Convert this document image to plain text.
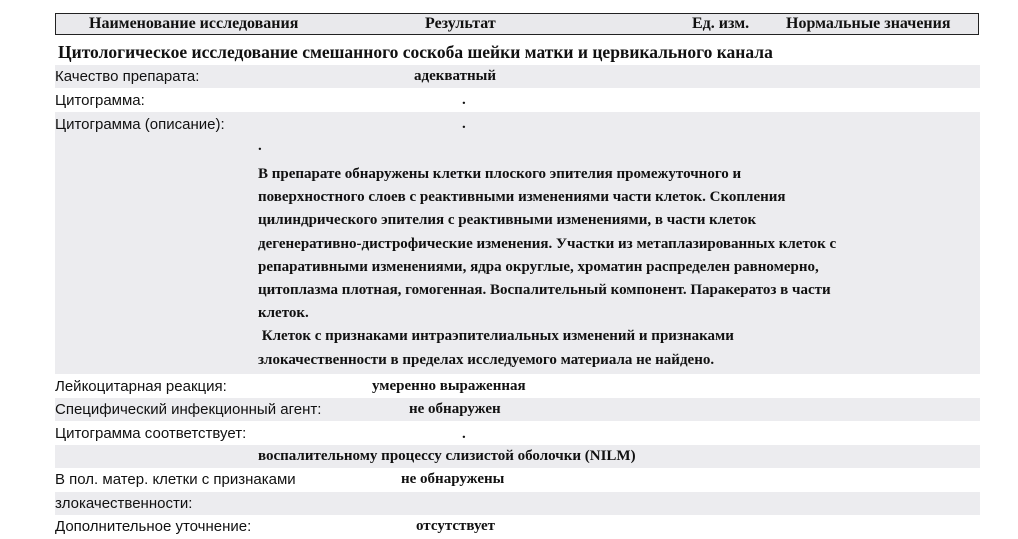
Наименование исследования	Результат	Ед. изм. Нормальные значения
Цитологическое исследование смешанного соскоба шейки матки и цервикального канала
Качество препарата:	адекватный
Цитограмма:	.
Цитограмма (описание):	.
.

В препарате обнаружены клетки плоского эпителия промежуточного и
поверхностного слоев с реактивными изменениями части клеток. Скопления
цилиндрического эпителия с реактивными изменениями, в части клеток
дегенеративно-дистрофические изменения. Участки из метаплазированных клеток с
репаративными изменениями, ядра округлые, хроматин распределен равномерно,
цитоплазма плотная, гомогенная. Воспалительный компонент. Паракератоз в части
клеток.

Клеток с признаками интраэпителиальных изменений и признаками
злокачественности в пределах исследуемого материала не найдено.

Лейкоцитарная реакция:	умеренно выраженная
Специфический инфекционный агент:	не обнаружен
Цитограмма соответствует:	.
воспалительному процессу слизистой оболочки (NILM)
В пол. матер. клетки с признаками
злокачественности:
не обнаружены
Дополнительное уточнение:	отсутствует
